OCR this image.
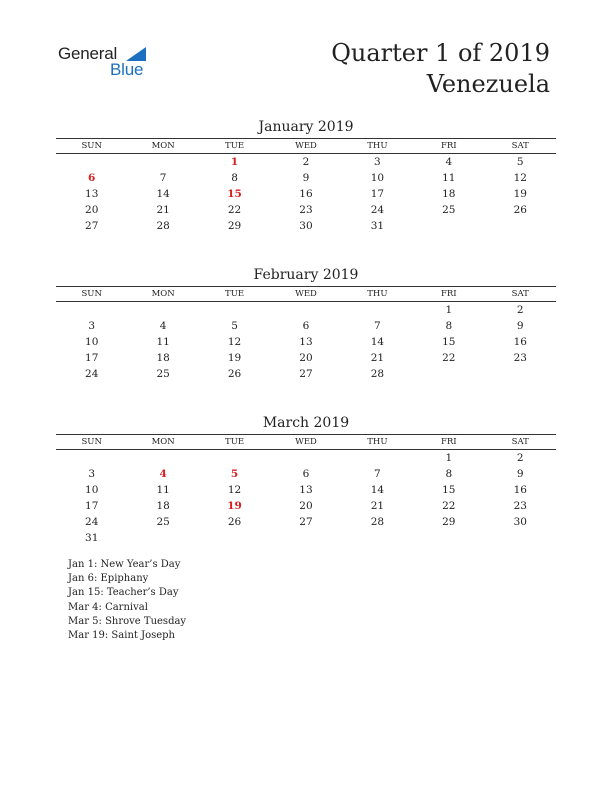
General
Blue
Quarter 1 of 2019
Venezuela
January 2019
SUN	MON	TUE	WED	THU	FRI	SAT
		1	2	3	4	5
6	7	8	9	10	11	12
13	14	15	16	17	18	19
20	21	22	23	24	25	26
27	28	29	30	31		
February 2019
SUN	MON	TUE	WED	THU	FRI	SAT
					1	2
3	4	5	6	7	8	9
10	11	12	13	14	15	16
17	18	19	20	21	22	23
24	25	26	27	28		
March 2019
SUN	MON	TUE	WED	THU	FRI	SAT
					1	2
3	4	5	6	7	8	9
10	11	12	13	14	15	16
17	18	19	20	21	22	23
24	25	26	27	28	29	30
31						
Jan 1: New Year’s Day
Jan 6: Epiphany
Jan 15: Teacher’s Day
Mar 4: Carnival
Mar 5: Shrove Tuesday
Mar 19: Saint Joseph
